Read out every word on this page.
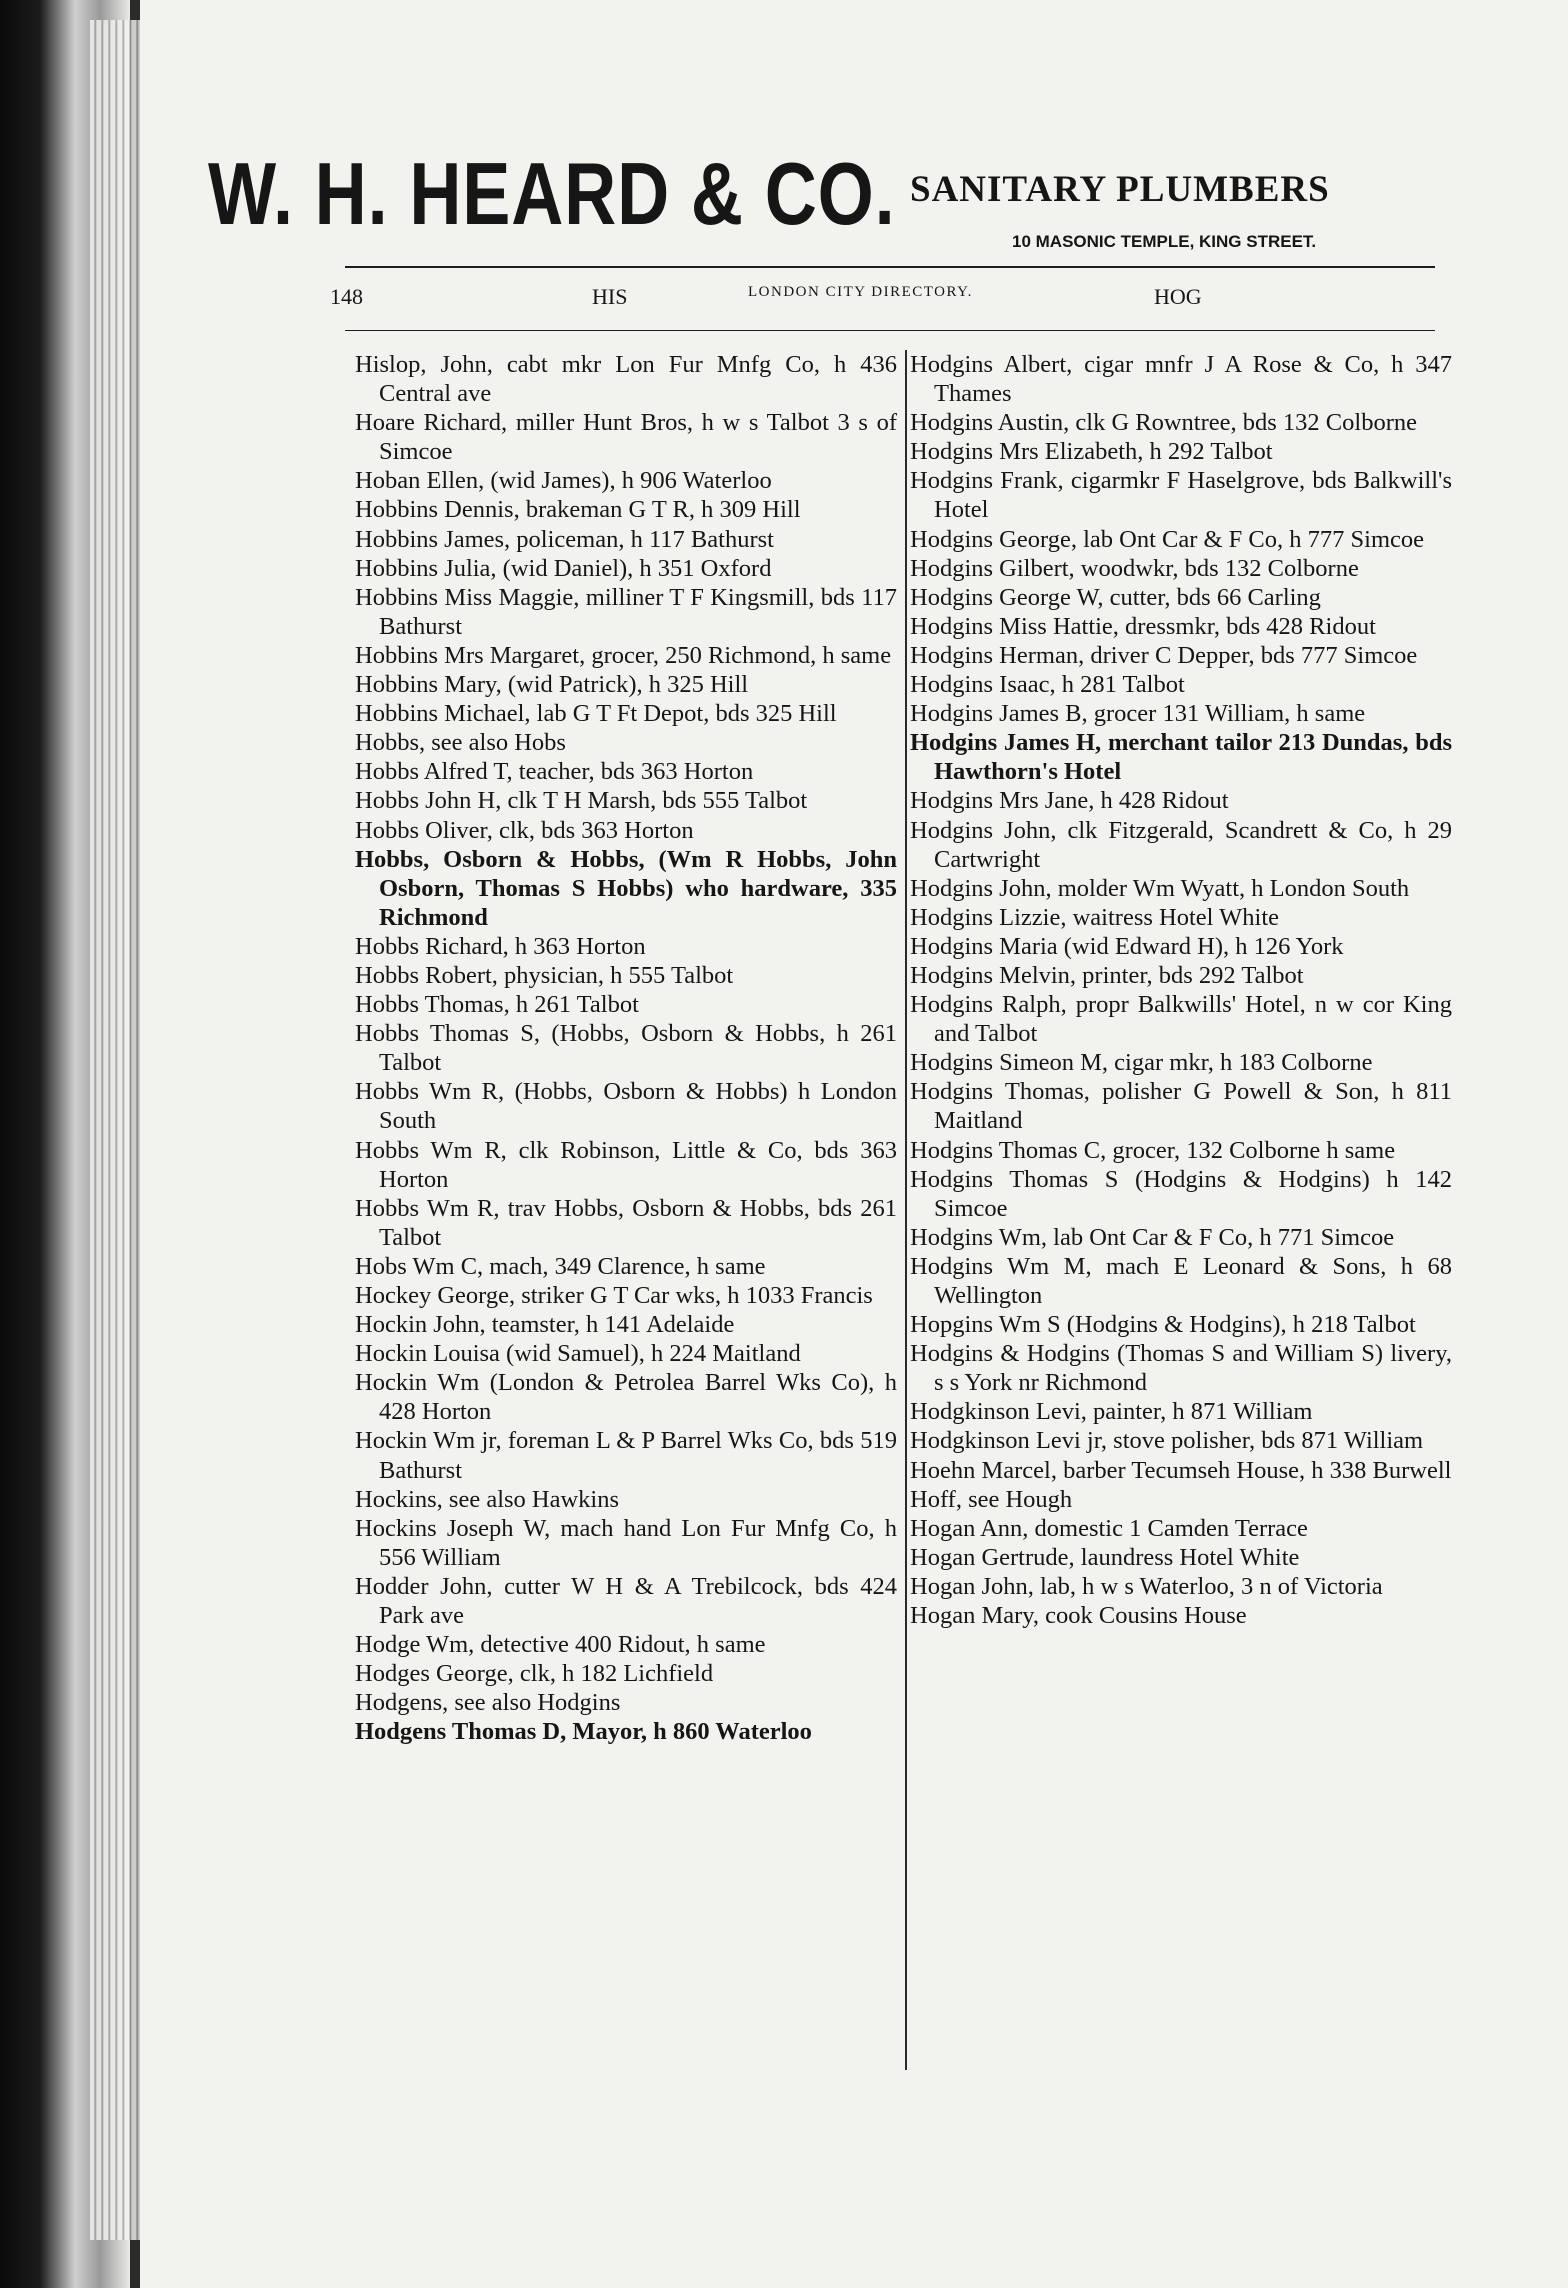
W. H. HEARD & CO. SANITARY PLUMBERS
10 MASONIC TEMPLE, KING STREET.
148	HIS	LONDON CITY DIRECTORY.	HOG
Hislop, John, cabt mkr Lon Fur Mnfg Co, h 436 Central ave
Hoare Richard, miller Hunt Bros, h w s Talbot 3 s of Simcoe
Hoban Ellen, (wid James), h 906 Waterloo
Hobbins Dennis, brakeman G T R, h 309 Hill
Hobbins James, policeman, h 117 Bathurst
Hobbins Julia, (wid Daniel), h 351 Oxford
Hobbins Miss Maggie, milliner T F Kingsmill, bds 117 Bathurst
Hobbins Mrs Margaret, grocer, 250 Richmond, h same
Hobbins Mary, (wid Patrick), h 325 Hill
Hobbins Michael, lab G T Ft Depot, bds 325 Hill
Hobbs, see also Hobs
Hobbs Alfred T, teacher, bds 363 Horton
Hobbs John H, clk T H Marsh, bds 555 Talbot
Hobbs Oliver, clk, bds 363 Horton
Hobbs, Osborn & Hobbs, (Wm R Hobbs, John Osborn, Thomas S Hobbs) who hardware, 335 Richmond
Hobbs Richard, h 363 Horton
Hobbs Robert, physician, h 555 Talbot
Hobbs Thomas, h 261 Talbot
Hobbs Thomas S, (Hobbs, Osborn & Hobbs, h 261 Talbot
Hobbs Wm R, (Hobbs, Osborn & Hobbs) h London South
Hobbs Wm R, clk Robinson, Little & Co, bds 363 Horton
Hobbs Wm R, trav Hobbs, Osborn & Hobbs, bds 261 Talbot
Hobs Wm C, mach, 349 Clarence, h same
Hockey George, striker G T Car wks, h 1033 Francis
Hockin John, teamster, h 141 Adelaide
Hockin Louisa (wid Samuel), h 224 Maitland
Hockin Wm (London & Petrolea Barrel Wks Co), h 428 Horton
Hockin Wm jr, foreman L & P Barrel Wks Co, bds 519 Bathurst
Hockins, see also Hawkins
Hockins Joseph W, mach hand Lon Fur Mnfg Co, h 556 William
Hodder John, cutter W H & A Trebilcock, bds 424 Park ave
Hodge Wm, detective 400 Ridout, h same
Hodges George, clk, h 182 Lichfield
Hodgens, see also Hodgins
Hodgens Thomas D, Mayor, h 860 Waterloo
Hodgins Albert, cigar mnfr J A Rose & Co, h 347 Thames
Hodgins Austin, clk G Rowntree, bds 132 Colborne
Hodgins Mrs Elizabeth, h 292 Talbot
Hodgins Frank, cigarmkr F Haselgrove, bds Balkwill's Hotel
Hodgins George, lab Ont Car & F Co, h 777 Simcoe
Hodgins Gilbert, woodwkr, bds 132 Colborne
Hodgins George W, cutter, bds 66 Carling
Hodgins Miss Hattie, dressmkr, bds 428 Ridout
Hodgins Herman, driver C Depper, bds 777 Simcoe
Hodgins Isaac, h 281 Talbot
Hodgins James B, grocer 131 William, h same
Hodgins James H, merchant tailor 213 Dundas, bds Hawthorn's Hotel
Hodgins Mrs Jane, h 428 Ridout
Hodgins John, clk Fitzgerald, Scandrett & Co, h 29 Cartwright
Hodgins John, molder Wm Wyatt, h London South
Hodgins Lizzie, waitress Hotel White
Hodgins Maria (wid Edward H), h 126 York
Hodgins Melvin, printer, bds 292 Talbot
Hodgins Ralph, propr Balkwills' Hotel, n w cor King and Talbot
Hodgins Simeon M, cigar mkr, h 183 Colborne
Hodgins Thomas, polisher G Powell & Son, h 811 Maitland
Hodgins Thomas C, grocer, 132 Colborne h same
Hodgins Thomas S (Hodgins & Hodgins) h 142 Simcoe
Hodgins Wm, lab Ont Car & F Co, h 771 Simcoe
Hodgins Wm M, mach E Leonard & Sons, h 68 Wellington
Hopgins Wm S (Hodgins & Hodgins), h 218 Talbot
Hodgins & Hodgins (Thomas S and William S) livery, s s York nr Richmond
Hodgkinson Levi, painter, h 871 William
Hodgkinson Levi jr, stove polisher, bds 871 William
Hoehn Marcel, barber Tecumseh House, h 338 Burwell
Hoff, see Hough
Hogan Ann, domestic 1 Camden Terrace
Hogan Gertrude, laundress Hotel White
Hogan John, lab, h w s Waterloo, 3 n of Victoria
Hogan Mary, cook Cousins House
